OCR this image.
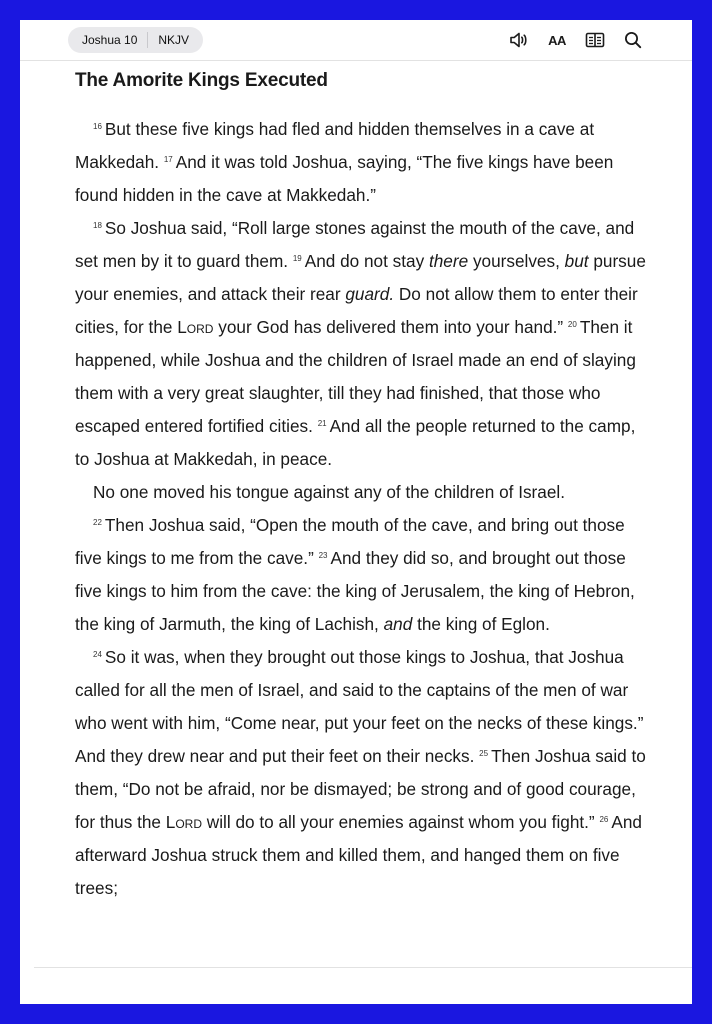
Joshua 10	NKJV	AA
The Amorite Kings Executed

$^{16}$ But these five kings had fled and hidden themselves in a cave at Makkedah. $^{17}$ And it was told Joshua, saying, “The five kings have been found hidden in the cave at Makkedah.”

$^{18}$ So Joshua said, “Roll large stones against the mouth of the cave, and set men by it to guard them. $^{19}$ And do not stay there yourselves, but pursue your enemies, and attack their rear guard. Do not allow them to enter their cities, for the Lord your God has delivered them into your hand.” $^{20}$ Then it happened, while Joshua and the children of Israel made an end of slaying them with a very great slaughter, till they had finished, that those who escaped entered fortified cities. $^{21}$ And all the people returned to the camp, to Joshua at Makkedah, in peace.

No one moved his tongue against any of the children of Israel.

$^{22}$ Then Joshua said, “Open the mouth of the cave, and bring out those five kings to me from the cave.” $^{23}$ And they did so, and brought out those five kings to him from the cave: the king of Jerusalem, the king of Hebron, the king of Jarmuth, the king of Lachish, and the king of Eglon.

$^{24}$ So it was, when they brought out those kings to Joshua, that Joshua called for all the men of Israel, and said to the captains of the men of war who went with him, “Come near, put your feet on the necks of these kings.” And they drew near and put their feet on their necks. $^{25}$ Then Joshua said to them, “Do not be afraid, nor be dismayed; be strong and of good courage, for thus the Lord will do to all your enemies against whom you fight.” $^{26}$ And afterward Joshua struck them and killed them, and hanged them on five trees;
